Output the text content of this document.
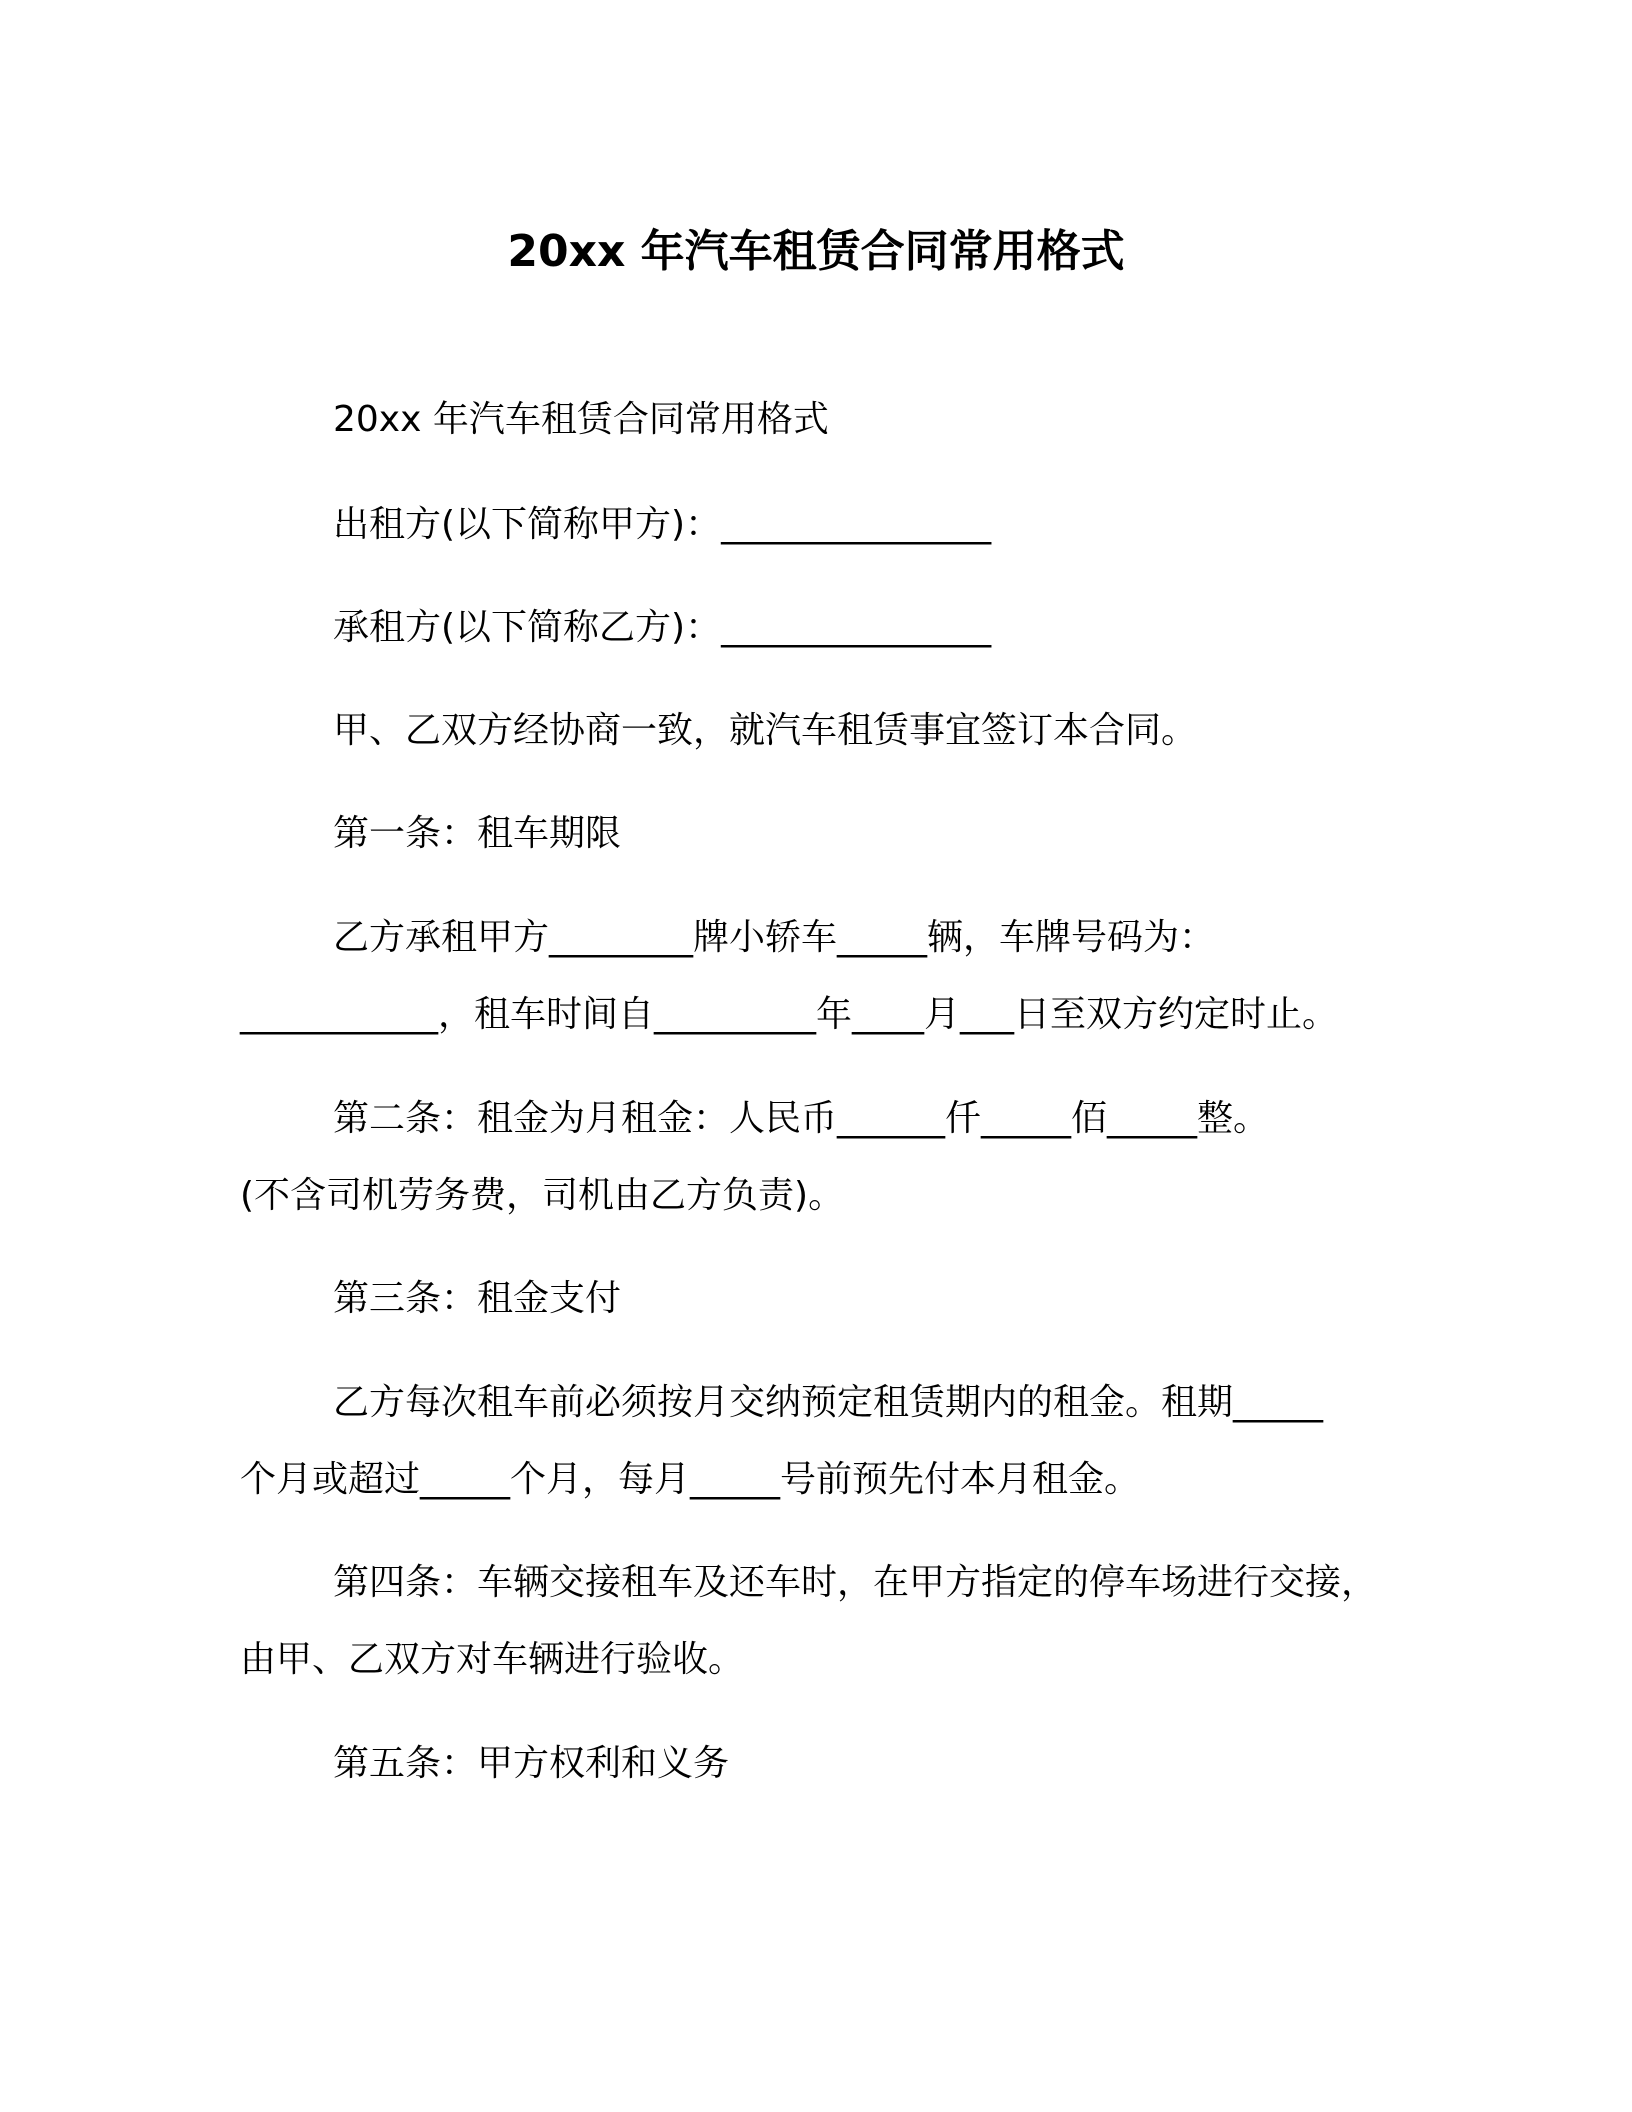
20xx 年汽车租赁合同常用格式
20xx 年汽车租赁合同常用格式
出租方(以下简称甲方)：_______________
承租方(以下简称乙方)：_______________
甲、乙双方经协商一致，就汽车租赁事宜签订本合同。
第一条：租车期限
乙方承租甲方________牌小轿车_____辆，车牌号码为：
___________，租车时间自_________年____月___日至双方约定时止。
第二条：租金为月租金：人民币______仟_____佰_____整。
(不含司机劳务费，司机由乙方负责)。
第三条：租金支付
乙方每次租车前必须按月交纳预定租赁期内的租金。租期_____
个月或超过_____个月，每月_____号前预先付本月租金。
第四条：车辆交接租车及还车时，在甲方指定的停车场进行交接，
由甲、乙双方对车辆进行验收。
第五条：甲方权利和义务
